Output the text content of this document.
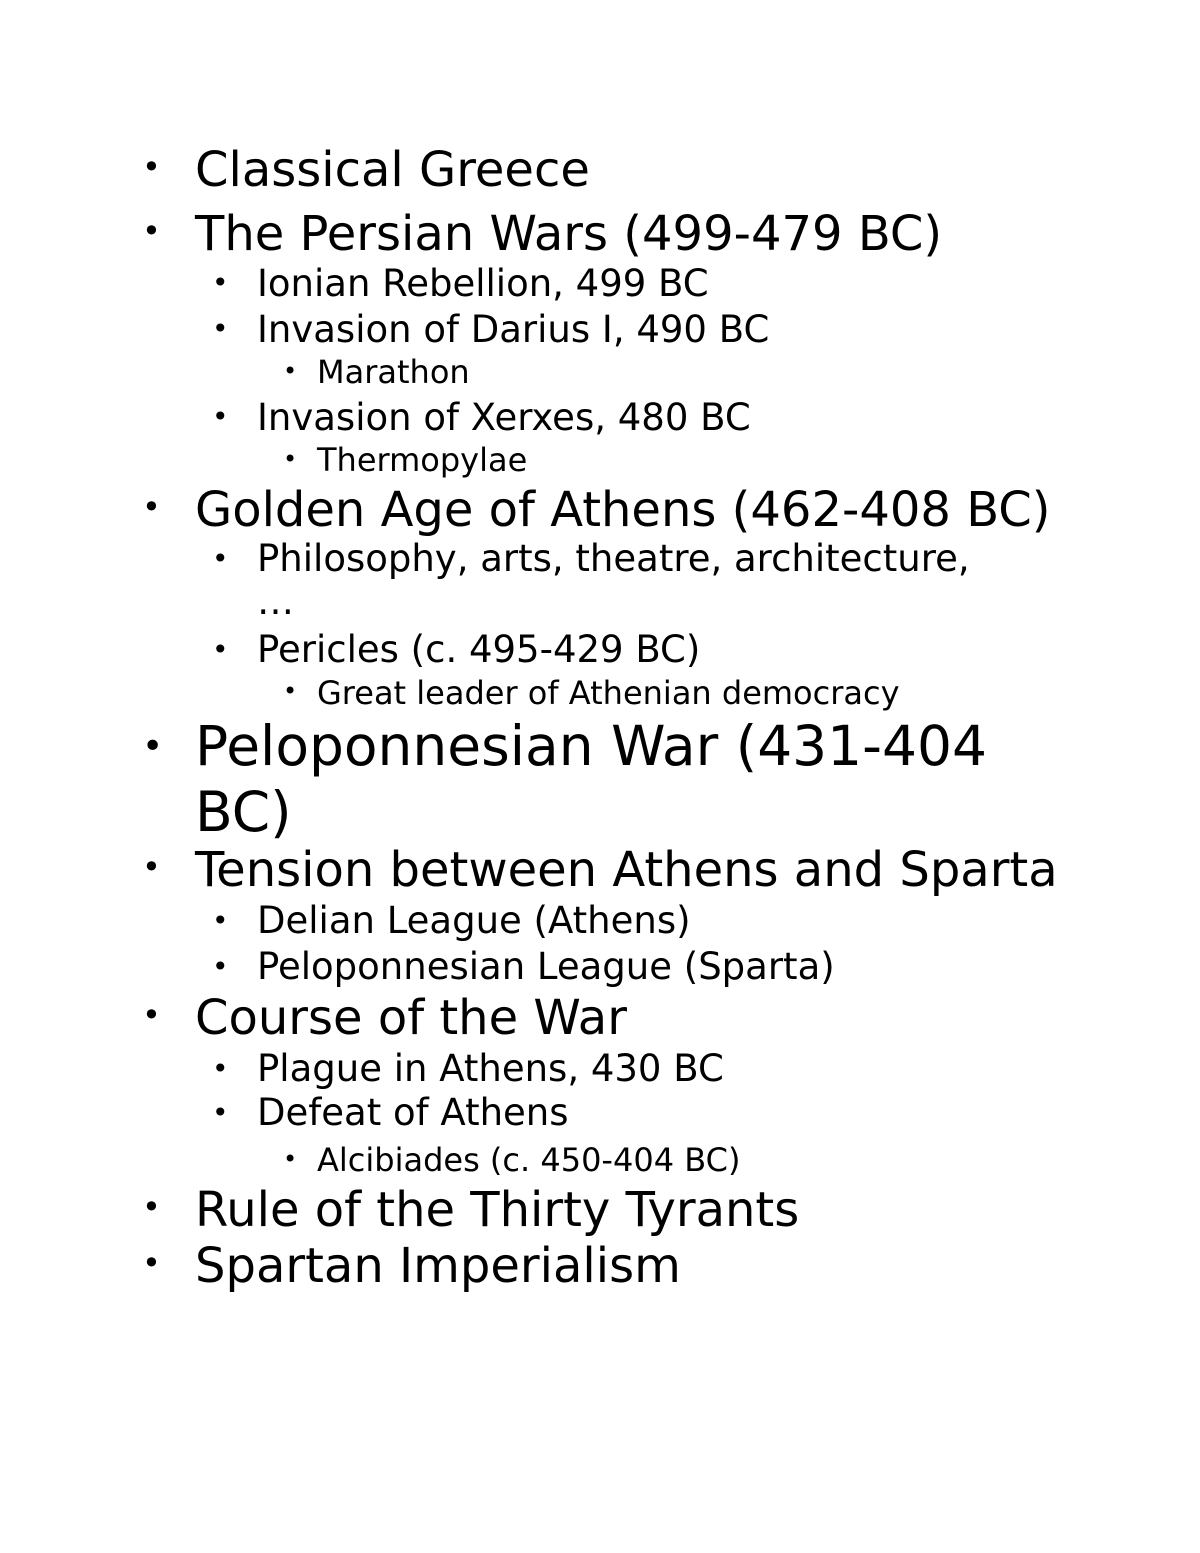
• Classical Greece
• The Persian Wars (499-479 BC)
• Ionian Rebellion, 499 BC
• Invasion of Darius I, 490 BC
• Marathon
• Invasion of Xerxes, 480 BC
• Thermopylae
• Golden Age of Athens (462-408 BC)
• Philosophy, arts, theatre, architecture,
…
• Pericles (c. 495-429 BC)
• Great leader of Athenian democracy
• Peloponnesian War (431-404
BC)
• Tension between Athens and Sparta
• Delian League (Athens)
• Peloponnesian League (Sparta)
• Course of the War
• Plague in Athens, 430 BC
• Defeat of Athens
• Alcibiades (c. 450-404 BC)
• Rule of the Thirty Tyrants
• Spartan Imperialism
